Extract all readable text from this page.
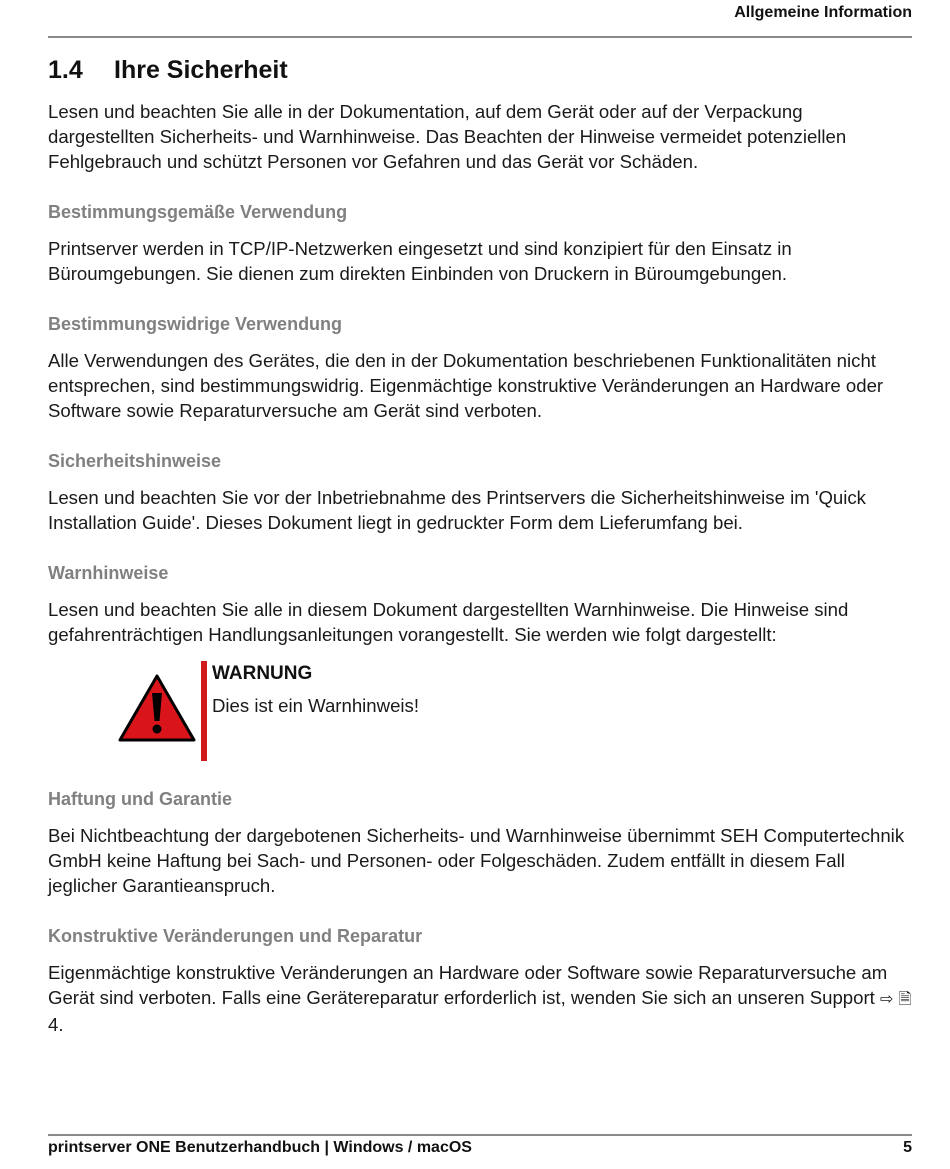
Allgemeine Information
1.4 Ihre Sicherheit

Lesen und beachten Sie alle in der Dokumentation, auf dem Gerät oder auf der Verpackung dargestellten Sicherheits- und Warnhinweise. Das Beachten der Hinweise vermeidet potenziellen Fehlgebrauch und schützt Personen vor Gefahren und das Gerät vor Schäden.

Bestimmungsgemäße Verwendung

Printserver werden in TCP/IP-Netzwerken eingesetzt und sind konzipiert für den Einsatz in Büroumgebungen. Sie dienen zum direkten Einbinden von Druckern in Büroumgebungen.

Bestimmungswidrige Verwendung

Alle Verwendungen des Gerätes, die den in der Dokumentation beschriebenen Funktionalitäten nicht entsprechen, sind bestimmungswidrig. Eigenmächtige konstruktive Veränderungen an Hardware oder Software sowie Reparaturversuche am Gerät sind verboten.

Sicherheitshinweise

Lesen und beachten Sie vor der Inbetriebnahme des Printservers die Sicherheitshinweise im 'Quick Installation Guide'. Dieses Dokument liegt in gedruckter Form dem Lieferumfang bei.

Warnhinweise

Lesen und beachten Sie alle in diesem Dokument dargestellten Warnhinweise. Die Hinweise sind gefahrenträchtigen Handlungsanleitungen vorangestellt. Sie werden wie folgt dargestellt:

WARNUNG
Dies ist ein Warnhinweis!
Haftung und Garantie

Bei Nichtbeachtung der dargebotenen Sicherheits- und Warnhinweise übernimmt SEH Computertechnik GmbH keine Haftung bei Sach- und Personen- oder Folgeschäden. Zudem entfällt in diesem Fall jeglicher Garantieanspruch.

Konstruktive Veränderungen und Reparatur

Eigenmächtige konstruktive Veränderungen an Hardware oder Software sowie Reparaturversuche am Gerät sind verboten. Falls eine Gerätereparatur erforderlich ist, wenden Sie sich an unseren Support ⇨ 🗎4.

printserver ONE Benutzerhandbuch | Windows / macOS	5
